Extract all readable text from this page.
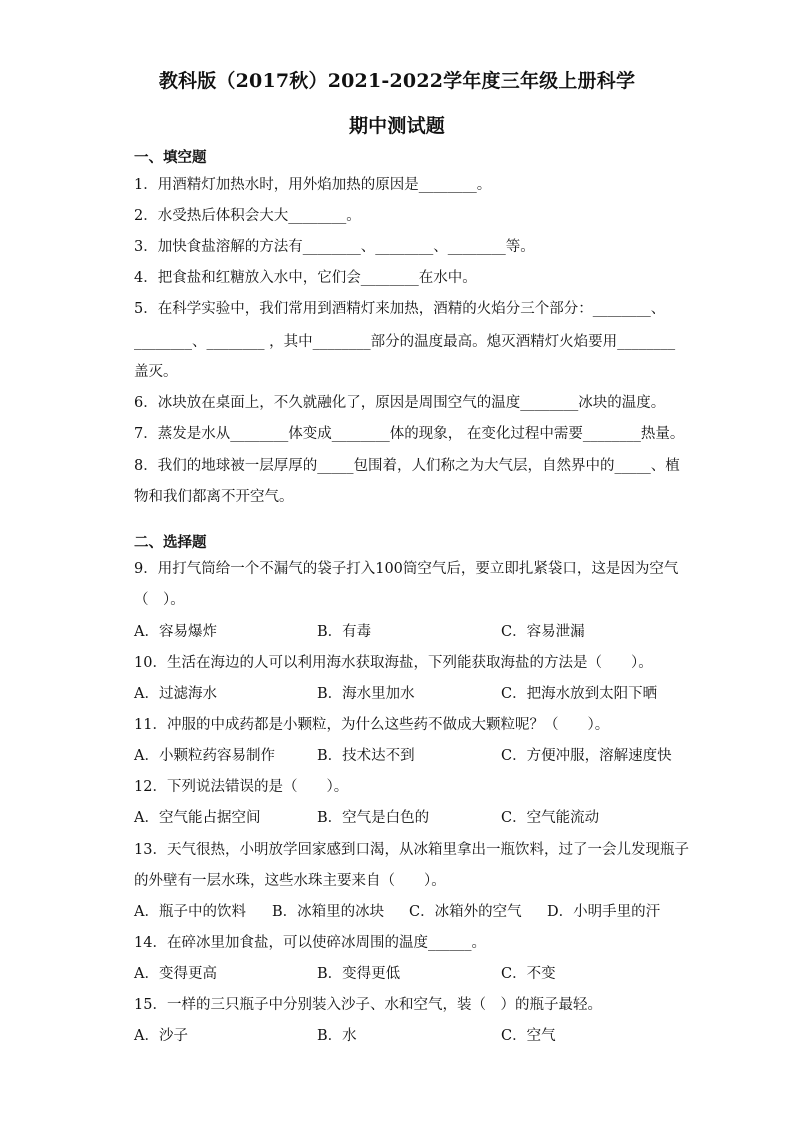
教科版（2017秋）2021-2022学年度三年级上册科学
期中测试题
一、填空题
1．用酒精灯加热水时，用外焰加热的原因是________。
2．水受热后体积会大大________。
3．加快食盐溶解的方法有________、________、________等。
4．把食盐和红糖放入水中，它们会________在水中。
5．在科学实验中，我们常用到酒精灯来加热，酒精的火焰分三个部分：________、
________、________ ，其中________部分的温度最高。熄灭酒精灯火焰要用________
盖灭。
6．冰块放在桌面上，不久就融化了，原因是周围空气的温度________冰块的温度。
7．蒸发是水从________体变成________体的现象， 在变化过程中需要________热量。
8．我们的地球被一层厚厚的_____包围着，人们称之为大气层，自然界中的_____、植
物和我们都离不开空气。
二、选择题
9．用打气筒给一个不漏气的袋子打入100筒空气后，要立即扎紧袋口，这是因为空气
（　）。
A．容易爆炸	B．有毒	C．容易泄漏
10．生活在海边的人可以利用海水获取海盐，下列能获取海盐的方法是（　　）。
A．过滤海水	B．海水里加水	C．把海水放到太阳下晒
11．冲服的中成药都是小颗粒，为什么这些药不做成大颗粒呢？（　　）。
A．小颗粒药容易制作	B．技术达不到	C．方便冲服，溶解速度快
12．下列说法错误的是（　　）。
A．空气能占据空间	B．空气是白色的	C．空气能流动
13．天气很热，小明放学回家感到口渴，从冰箱里拿出一瓶饮料，过了一会儿发现瓶子
的外壁有一层水珠，这些水珠主要来自（　　）。
A．瓶子中的饮料 B．冰箱里的冰块 C．冰箱外的空气 D．小明手里的汗
14．在碎冰里加食盐，可以使碎冰周围的温度______。
A．变得更高	B．变得更低	C．不变
15．一样的三只瓶子中分别装入沙子、水和空气，装（　）的瓶子最轻。
A．沙子	B．水	C．空气
